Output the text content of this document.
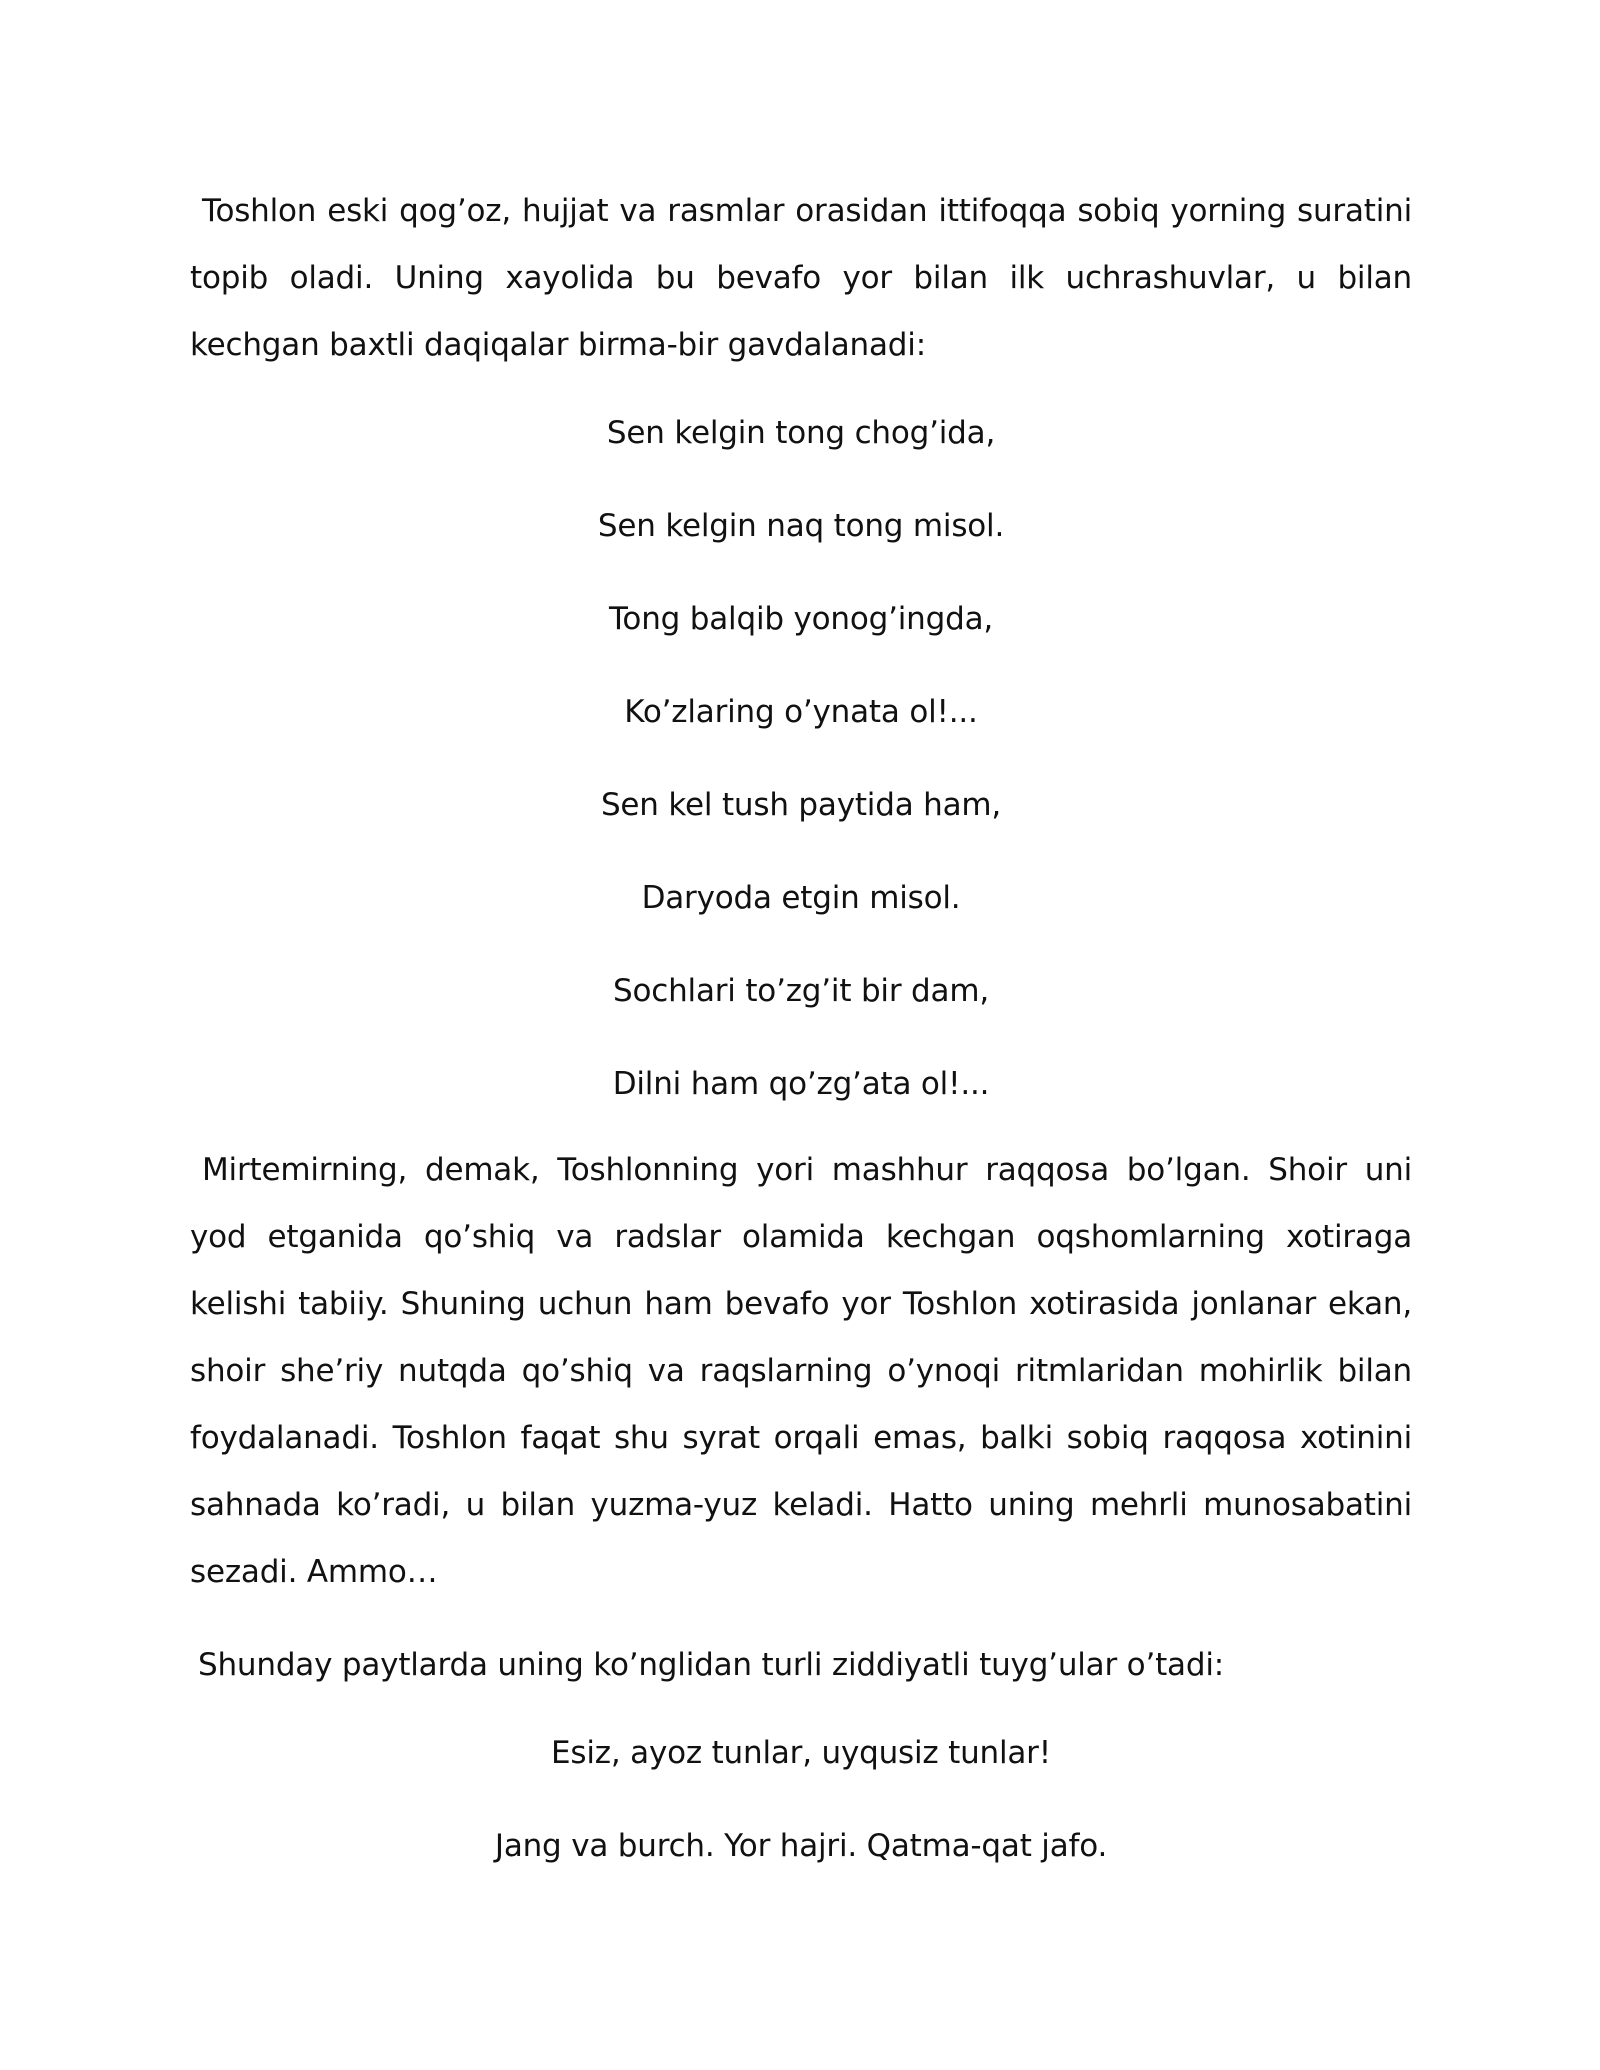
Toshlon eski qog’oz, hujjat va rasmlar orasidan ittifoqqa sobiq yorning suratini topib oladi. Uning xayolida bu bevafo yor bilan ilk uchrashuvlar, u bilan kechgan baxtli daqiqalar birma-bir gavdalanadi:

Sen kelgin tong chog’ida,

Sen kelgin naq tong misol.

Tong balqib yonog’ingda,

Ko’zlaring o’ynata ol!...

Sen kel tush paytida ham,

Daryoda etgin misol.

Sochlari to’zg’it bir dam,

Dilni ham qo’zg’ata ol!...

Mirtemirning, demak, Toshlonning yori mashhur raqqosa bo’lgan. Shoir uni yod etganida qo’shiq va radslar olamida kechgan oqshomlarning xotiraga kelishi tabiiy. Shuning uchun ham bevafo yor Toshlon xotirasida jonlanar ekan, shoir she’riy nutqda qo’shiq va raqslarning o’ynoqi ritmlaridan mohirlik bilan foydalanadi. Toshlon faqat shu syrat orqali emas, balki sobiq raqqosa xotinini sahnada ko’radi, u bilan yuzma-yuz keladi. Hatto uning mehrli munosabatini sezadi. Ammo…

Shunday paytlarda uning ko’nglidan turli ziddiyatli tuyg’ular o’tadi:

Esiz, ayoz tunlar, uyqusiz tunlar!

Jang va burch. Yor hajri. Qatma-qat jafo.
